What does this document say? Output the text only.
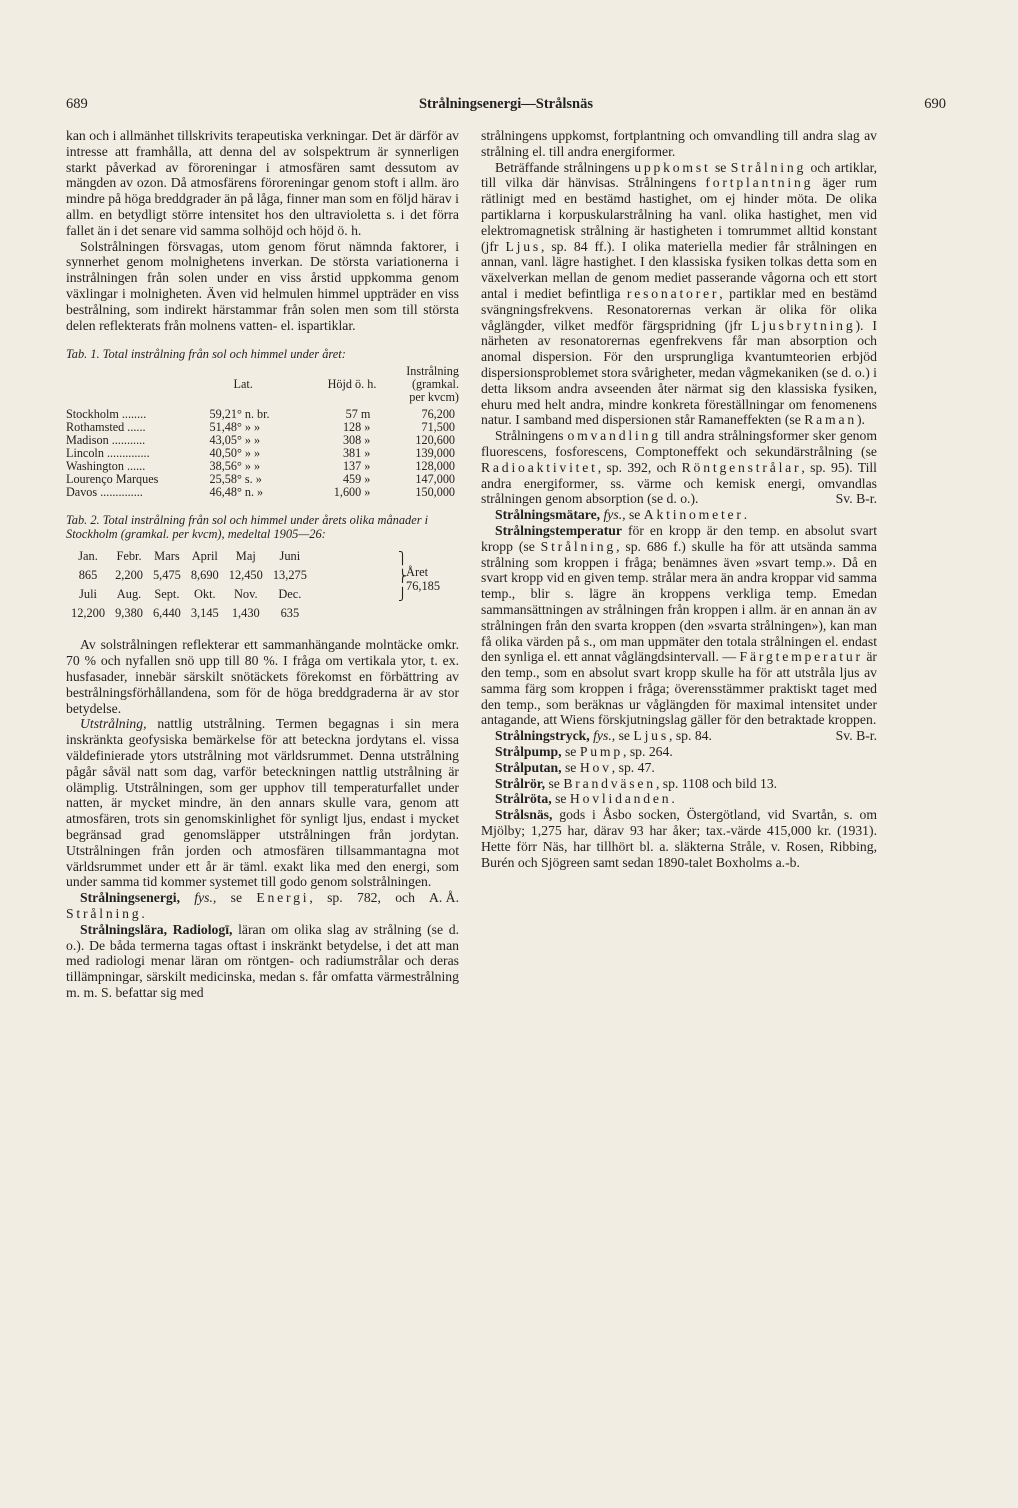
689	Strålningsenergi—Strålsnäs	690

kan och i allmänhet tillskrivits terapeutiska verkningar. Det är därför av intresse att framhålla, att denna del av solspektrum är synnerligen starkt påverkad av föroreningar i atmosfären samt dessutom av mängden av ozon. Då atmosfärens föroreningar genom stoft i allm. äro mindre på höga breddgrader än på låga, finner man som en följd härav i allm. en betydligt större intensitet hos den ultravioletta s. i det förra fallet än i det senare vid samma solhöjd och höjd ö. h.

Solstrålningen försvagas, utom genom förut nämnda faktorer, i synnerhet genom molnighetens inverkan. De största variationerna i instrålningen från solen under en viss årstid uppkomma genom växlingar i molnigheten. Även vid helmulen himmel uppträder en viss bestrålning, som indirekt härstammar från solen men som till största delen reflekterats från molnens vatten- el. ispartiklar.

Tab. 1. Total instrålning från sol och himmel under året:

			Instrålning
	Lat.	Höjd ö. h.	(gramkal.
			per kvcm)
Stockholm ........	59,21° n. br.	57 m	76,200
Rothamsted ......	51,48° » »	128 »	71,500
Madison ...........	43,05° » »	308 »	120,600
Lincoln ..............	40,50° » »	381 »	139,000
Washington ......	38,56° » »	137 »	128,000
Lourenço Marques	25,58° s. »	459 »	147,000
Davos ..............	46,48° n. »	1,600 »	150,000

Tab. 2. Total instrålning från sol och himmel under årets olika månader i Stockholm (gramkal. per kvcm), medeltal 1905—26:

Jan.	Febr.	Mars	April	Maj	Juni
865	2,200	5,475	8,690	12,450	13,275
Juli	Aug.	Sept.	Okt.	Nov.	Dec.
12,200	9,380	6,440	3,145	1,430	635
⎫
⎬
⎭
Året
76,185

Av solstrålningen reflekterar ett sammanhängande molntäcke omkr. 70 % och nyfallen snö upp till 80 %. I fråga om vertikala ytor, t. ex. husfasader, innebär särskilt snötäckets förekomst en förbättring av bestrålningsförhållandena, som för de höga breddgraderna är av stor betydelse.

Utstrålning, nattlig utstrålning. Termen begagnas i sin mera inskränkta geofysiska bemärkelse för att beteckna jordytans el. vissa väldefinierade ytors utstrålning mot världsrummet. Denna utstrålning pågår såväl natt som dag, varför beteckningen nattlig utstrålning är olämplig. Utstrålningen, som ger upphov till temperaturfallet under natten, är mycket mindre, än den annars skulle vara, genom att atmosfären, trots sin genomskinlighet för synligt ljus, endast i mycket begränsad grad genomsläpper utstrålningen från jordytan. Utstrålningen från jorden och atmosfären tillsammantagna mot världsrummet under ett år är täml. exakt lika med den energi, som under samma tid kommer systemet till godo genom solstrålningen.
A. Å.

Strålningsenergi, fys., se Energi, sp. 782, och Strålning.

Strålningslära, Radiologī, läran om olika slag av strålning (se d. o.). De båda termerna tagas oftast i inskränkt betydelse, i det att man med radiologi menar läran om röntgen- och radiumstrålar och deras tillämpningar, särskilt medicinska, medan s. får omfatta värmestrålning m. m. S. befattar sig med

strålningens uppkomst, fortplantning och omvandling till andra slag av strålning el. till andra energiformer.

Beträffande strålningens uppkomst se Strålning och artiklar, till vilka där hänvisas. Strålningens fortplantning äger rum rätlinigt med en bestämd hastighet, om ej hinder möta. De olika partiklarna i korpuskularstrålning ha vanl. olika hastighet, men vid elektromagnetisk strålning är hastigheten i tomrummet alltid konstant (jfr Ljus, sp. 84 ff.). I olika materiella medier får strålningen en annan, vanl. lägre hastighet. I den klassiska fysiken tolkas detta som en växelverkan mellan de genom mediet passerande vågorna och ett stort antal i mediet befintliga resonatorer, partiklar med en bestämd svängningsfrekvens. Resonatorernas verkan är olika för olika våglängder, vilket medför färgspridning (jfr Ljusbrytning). I närheten av resonatorernas egenfrekvens får man absorption och anomal dispersion. För den ursprungliga kvantumteorien erbjöd dispersionsproblemet stora svårigheter, medan vågmekaniken (se d. o.) i detta liksom andra avseenden åter närmat sig den klassiska fysiken, ehuru med helt andra, mindre konkreta föreställningar om fenomenens natur. I samband med dispersionen står Ramaneffekten (se Raman).

Strålningens omvandling till andra strålningsformer sker genom fluorescens, fosforescens, Comptoneffekt och sekundärstrålning (se Radioaktivitet, sp. 392, och Röntgenstrålar, sp. 95). Till andra energiformer, ss. värme och kemisk energi, omvandlas strålningen genom absorption (se d. o.).	Sv. B-r.

Strålningsmätare, fys., se Aktinometer.

Strålningstemperatur för en kropp är den temp. en absolut svart kropp (se Strålning, sp. 686 f.) skulle ha för att utsända samma strålning som kroppen i fråga; benämnes även »svart temp.». Då en svart kropp vid en given temp. strålar mera än andra kroppar vid samma temp., blir s. lägre än kroppens verkliga temp. Emedan sammansättningen av strålningen från kroppen i allm. är en annan än av strålningen från den svarta kroppen (den »svarta strålningen»), kan man få olika värden på s., om man uppmäter den totala strålningen el. endast den synliga el. ett annat våglängdsintervall. — Färgtemperatur är den temp., som en absolut svart kropp skulle ha för att utstråla ljus av samma färg som kroppen i fråga; överensstämmer praktiskt taget med den temp., som beräknas ur våglängden för maximal intensitet under antagande, att Wiens förskjutningslag gäller för den betraktade kroppen.
Sv. B-r.

Strålningstryck, fys., se Ljus, sp. 84.

Strålpump, se Pump, sp. 264.

Strålputan, se Hov, sp. 47.

Strålrör, se Brandväsen, sp. 1108 och bild 13.

Strålröta, se Hovlidanden.

Strålsnäs, gods i Åsbo socken, Östergötland, vid Svartån, s. om Mjölby; 1,275 har, därav 93 har åker; tax.-värde 415,000 kr. (1931). Hette förr Näs, har tillhört bl. a. släkterna Stråle, v. Rosen, Ribbing, Burén och Sjögreen samt sedan 1890-talet Boxholms a.-b.
